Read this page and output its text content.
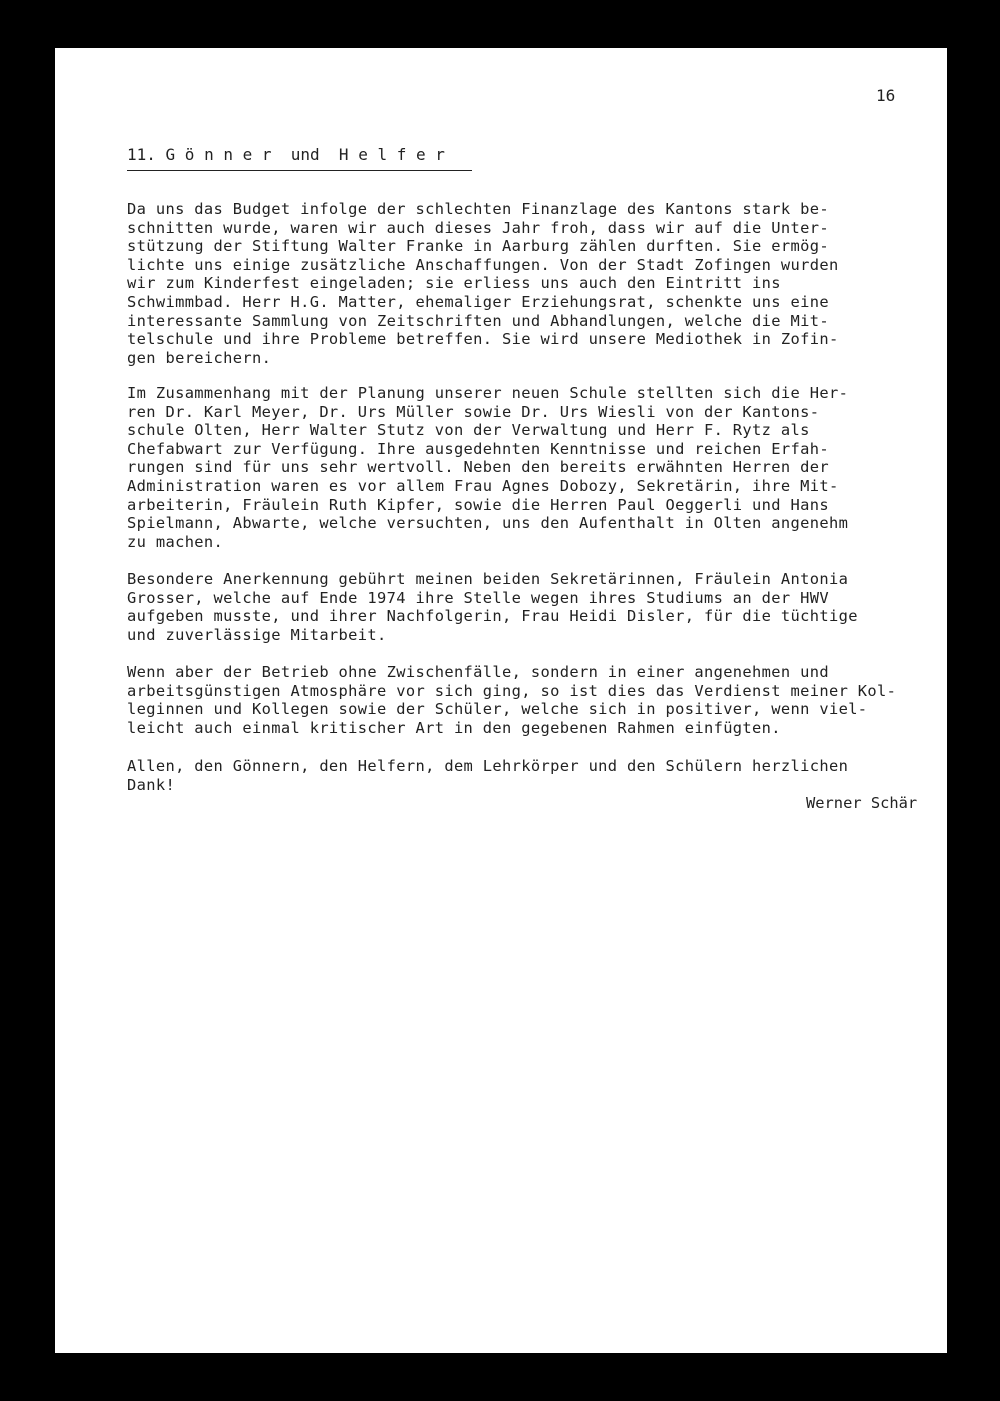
16
11. G ö n n e r  und  H e l f e r
Da uns das Budget infolge der schlechten Finanzlage des Kantons stark be-
schnitten wurde, waren wir auch dieses Jahr froh, dass wir auf die Unter-
stützung der Stiftung Walter Franke in Aarburg zählen durften. Sie ermög-
lichte uns einige zusätzliche Anschaffungen. Von der Stadt Zofingen wurden
wir zum Kinderfest eingeladen; sie erliess uns auch den Eintritt ins
Schwimmbad. Herr H.G. Matter, ehemaliger Erziehungsrat, schenkte uns eine
interessante Sammlung von Zeitschriften und Abhandlungen, welche die Mit-
telschule und ihre Probleme betreffen. Sie wird unsere Mediothek in Zofin-
gen bereichern.
Im Zusammenhang mit der Planung unserer neuen Schule stellten sich die Her-
ren Dr. Karl Meyer, Dr. Urs Müller sowie Dr. Urs Wiesli von der Kantons-
schule Olten, Herr Walter Stutz von der Verwaltung und Herr F. Rytz als
Chefabwart zur Verfügung. Ihre ausgedehnten Kenntnisse und reichen Erfah-
rungen sind für uns sehr wertvoll. Neben den bereits erwähnten Herren der
Administration waren es vor allem Frau Agnes Dobozy, Sekretärin, ihre Mit-
arbeiterin, Fräulein Ruth Kipfer, sowie die Herren Paul Oeggerli und Hans
Spielmann, Abwarte, welche versuchten, uns den Aufenthalt in Olten angenehm
zu machen.
Besondere Anerkennung gebührt meinen beiden Sekretärinnen, Fräulein Antonia
Grosser, welche auf Ende 1974 ihre Stelle wegen ihres Studiums an der HWV
aufgeben musste, und ihrer Nachfolgerin, Frau Heidi Disler, für die tüchtige
und zuverlässige Mitarbeit.
Wenn aber der Betrieb ohne Zwischenfälle, sondern in einer angenehmen und
arbeitsgünstigen Atmosphäre vor sich ging, so ist dies das Verdienst meiner Kol-
leginnen und Kollegen sowie der Schüler, welche sich in positiver, wenn viel-
leicht auch einmal kritischer Art in den gegebenen Rahmen einfügten.
Allen, den Gönnern, den Helfern, dem Lehrkörper und den Schülern herzlichen
Dank!
Werner Schär
